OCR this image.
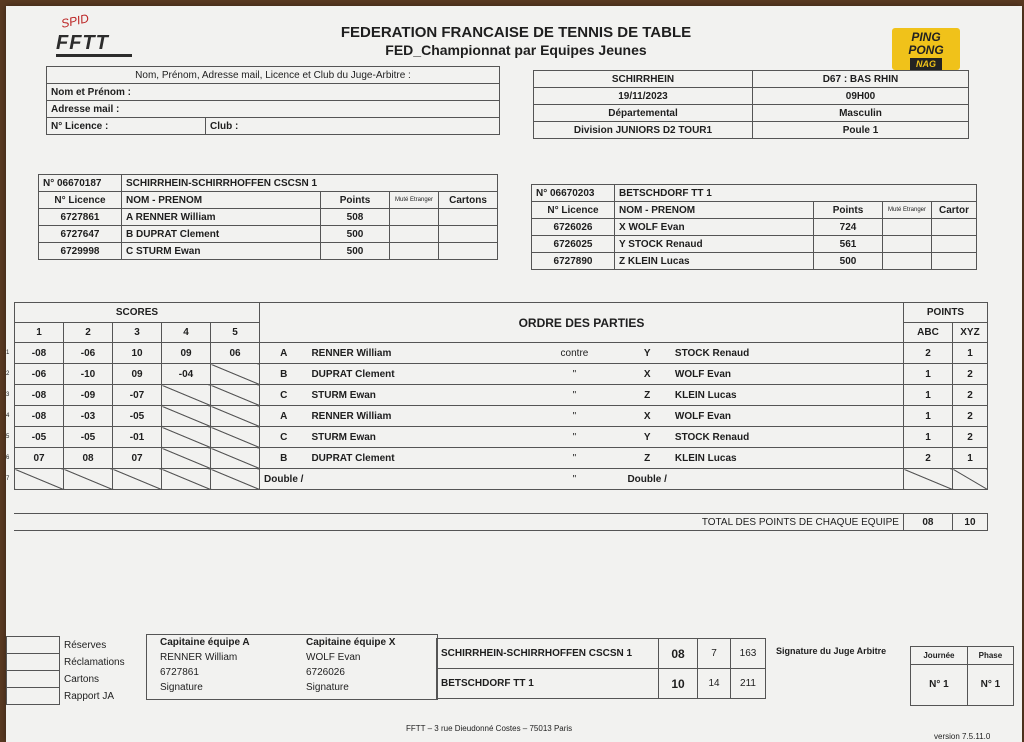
SPID
FFTT	FEDERATION FRANCAISE DE TENNIS DE TABLE
FED_Championnat par Equipes Jeunes
PING
PONG
NAG
Nom, Prénom, Adresse mail, Licence et Club du Juge-Arbitre :
Nom et Prénom :
Adresse mail :
N° Licence :	Club :
SCHIRRHEIN	D67 : BAS RHIN
19/11/2023	09H00
Départemental	Masculin
Division JUNIORS D2 TOUR1	Poule 1
N° 06670187	SCHIRRHEIN-SCHIRRHOFFEN CSCSN 1			
N° Licence	NOM - PRENOM	Points	Muté Etranger	Cartons
6727861	A RENNER William	508		
6727647	B DUPRAT Clement	500		
6729998	C STURM Ewan	500		
N° 06670203	BETSCHDORF TT 1			
N° Licence	NOM - PRENOM	Points	Muté Etranger	Cartor
6726026	X WOLF Evan	724		
6726025	Y STOCK Renaud	561		
6727890	Z KLEIN Lucas	500		
1
2
3
4
5
6
7
SCORES					ORDRE DES PARTIES					POINTS	
1	2	3	4	5						ABC	XYZ
-08	-06	10	09	06	A	RENNER William	contre	Y	STOCK Renaud	2	1
-06	-10	09	-04		B	DUPRAT Clement	"	X	WOLF Evan	1	2
-08	-09	-07			C	STURM Ewan	"	Z	KLEIN Lucas	1	2
-08	-03	-05			A	RENNER William	"	X	WOLF Evan	1	2
-05	-05	-01			C	STURM Ewan	"	Y	STOCK Renaud	1	2
07	08	07			B	DUPRAT Clement	"	Z	KLEIN Lucas	2	1
					Double /		"	Double /			
TOTAL DES POINTS DE CHAQUE EQUIPE	08	10
	Réserves
	Réclamations
	Cartons
	Rapport JA
Capitaine équipe A
RENNER William
6727861
Signature
Capitaine équipe X
WOLF Evan
6726026
Signature
SCHIRRHEIN-SCHIRRHOFFEN CSCSN 1	08	7	163
BETSCHDORF TT 1	10	14	211
Signature du Juge Arbitre	Journée	Phase
N° 1	N° 1
FFTT – 3 rue Dieudonné Costes – 75013 Paris
version 7.5.11.0
